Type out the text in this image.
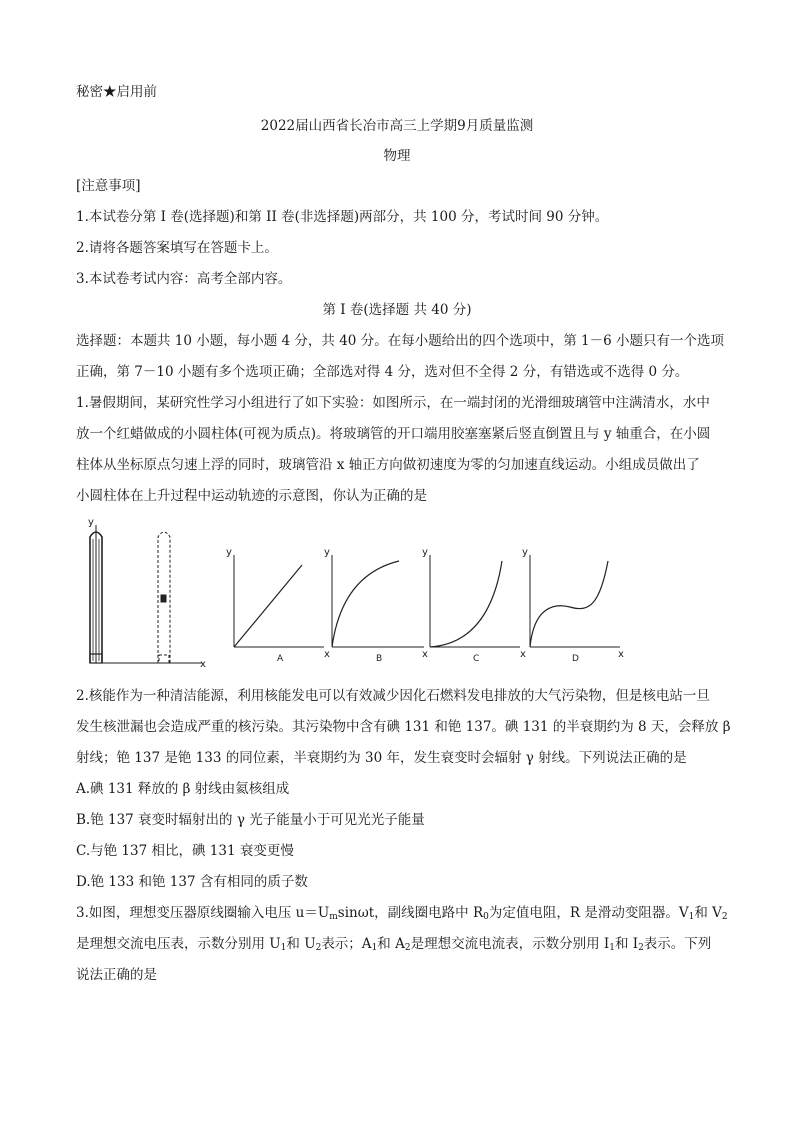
秘密★启用前
2022届山西省长冶市高三上学期9月质量监测
物理
[注意事项]
1.本试卷分第 I 卷(选择题)和第 II 卷(非选择题)两部分，共 100 分，考试时间 90 分钟。
2.请将各题答案填写在答题卡上。
3.本试卷考试内容：高考全部内容。
第 I 卷(选择题 共 40 分)
选择题：本题共 10 小题，每小题 4 分，共 40 分。在每小题给出的四个选项中，第 1－6 小题只有一个选项
正确，第 7－10 小题有多个选项正确；全部选对得 4 分，选对但不全得 2 分，有错选或不选得 0 分。
1.暑假期间，某研究性学习小组进行了如下实验：如图所示，在一端封闭的光滑细玻璃管中注满清水，水中
放一个红蜡做成的小圆柱体(可视为质点)。将玻璃管的开口端用胶塞塞紧后竖直倒置且与 y 轴重合，在小圆
柱体从坐标原点匀速上浮的同时，玻璃管沿 x 轴正方向做初速度为零的匀加速直线运动。小组成员做出了
小圆柱体在上升过程中运动轨迹的示意图，你认为正确的是
y
x
y
x
y
x
y
x
y
x
A	B	C	D
2.核能作为一种清洁能源，利用核能发电可以有效减少因化石燃料发电排放的大气污染物，但是核电站一旦
发生核泄漏也会造成严重的核污染。其污染物中含有碘 131 和铯 137。碘 131 的半衰期约为 8 天，会释放 β
射线；铯 137 是铯 133 的同位素，半衰期约为 30 年，发生衰变时会辐射 γ 射线。下列说法正确的是
A.碘 131 释放的 β 射线由氦核组成
B.铯 137 衰变时辐射出的 γ 光子能量小于可见光光子能量
C.与铯 137 相比，碘 131 衰变更慢
D.铯 133 和铯 137 含有相同的质子数
3.如图，理想变压器原线圈输入电压 $u=U_m\sin\omega t$，副线圈电路中 $R_0$为定值电阻，R 是滑动变阻器。$V_1$和 $V_2$
是理想交流电压表，示数分别用 $U_1$和 $U_2$表示；$A_1$和 $A_2$是理想交流电流表，示数分别用 $I_1$和 $I_2$表示。下列
说法正确的是
